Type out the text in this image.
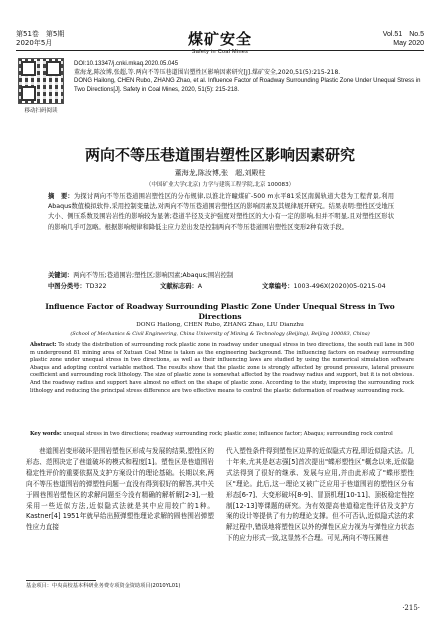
第51卷　第5期
2020年5月	煤矿安全
Safety in Coal Mines
Vol.51　No.5
May 2020
移动扫码阅读
DOI:10.13347/j.cnki.mkaq.2020.05.045
董海龙,陈汝博,张超,等.两向不等压巷道围岩塑性区影响因素研究[J].煤矿安全,2020,51(5):215-218.
DONG Hailong, CHEN Rubo, ZHANG Zhao, et al. Influence Factor of Roadway Surrounding Plastic Zone Under Unequal Stress in Two Directions[J]. Safety in Coal Mines, 2020, 51(5): 215-218.
两向不等压巷道围岩塑性区影响因素研究
董海龙,陈汝博,张　超,刘殿柱
（中国矿业大学(北京) 力学与建筑工程学院,北京 100083）
摘　要：为探讨两向不等压巷道围岩塑性区的分布规律,以淮北许疃煤矿-500 m水平81采区南翼轨道大巷为工程背景,利用Abaqus数值模拟软件,采用控制变量法,对两向不等压巷道围岩塑性区的影响因素及其规律展开研究。结果表明:塑性区受地压大小、侧压系数及围岩岩性的影响较为显著;巷道半径及支护强度对塑性区的大小有一定的影响,但并不明显,且对塑性区形状的影响几乎可忽略。根据影响规律和降低主应力差出发是控制两向不等压巷道围岩塑性区变形2种有效手段。
关键词：两向不等压;巷道围岩;塑性区;影响因素;Abaqus;围岩控制
中图分类号：TD322	文献标志码：A	文章编号：1003-496X(2020)05-0215-04
Influence Factor of Roadway Surrounding Plastic Zone Under Unequal Stress in Two Directions
DONG Hailong, CHEN Rubo, ZHANG Zhao, LIU Dianzhu
(School of Mechanics & Civil Engineering, China University of Mining & Technology (Beijing), Beijing 100083, China)
Abstract: To study the distribution of surrounding rock plastic zone in roadway under unequal stress in two directions, the south rail lane in 500 m underground 81 mining area of Xutuan Coal Mine is taken as the engineering background. The influencing factors on roadway surrounding plastic zone under unequal stress in two directions, as well as their influencing laws are studied by using the numerical simulation software Abaqus and adopting control variable method. The results show that the plastic zone is strongly affected by ground pressure, lateral pressure coefficient and surrounding rock lithology. The size of plastic zone is somewhat affected by the roadway radius and support, but it is not obvious. And the roadway radius and support have almost no effect on the shape of plastic zone. According to the study, improving the surrounding rock lithology and reducing the principal stress difference are two effective means to control the plastic deformation of roadway surrounding rock.
Key words: unequal stress in two directions; roadway surrounding rock; plastic zone; influence factor; Abaqus; surrounding rock control
巷道围岩变形破坏是围岩塑性区形成与发展的结果,塑性区的形态、范围决定了巷道破坏的模式和程度[1]。塑性区是巷道围岩稳定性评价的重要依据及支护方案设计的理论基础。长期以来,两向不等压巷道围岩的弹塑性问题一直没有得到很好的解答,其中关于圆巷围岩塑性区的求解问题至今没有精确的解析解[2-3],一般采用一些近似方法,近似隐式法就是其中应用较广的1种。Kastner[4] 1951年就早给出照弹塑性理论求解的圆巷围岩弹塑性应力直接
代入塑性条件得到塑性区边界的近似隐式方程,即近似隐式法。几十年来,尤其是赵志强[5]首次提出"蝶形塑性区"概念以来,近似隐式法得到了很好的继承、发展与应用,并由此形成了"蝶形塑性区"理论。此后,这一理论又被广泛应用于巷道围岩的塑性区分布形态[6-7]、大变形破坏[8-9]、冒顶机理[10-11]、顶板稳定性控制[12-13]等课题的研究。为有效提高巷道稳定性评估及支护方案的设计等提供了有力的理论支撑。但不可否认,近似隐式法的求解过程中,错误地将塑性区以外的弹性区应力视为与弹性应力状态下的应力形式一致,这显然不合理。可见,两向不等压圆巷
基金项目：中央高校基本科研业务费专项资金资助项目(2010YL01)
·215·
